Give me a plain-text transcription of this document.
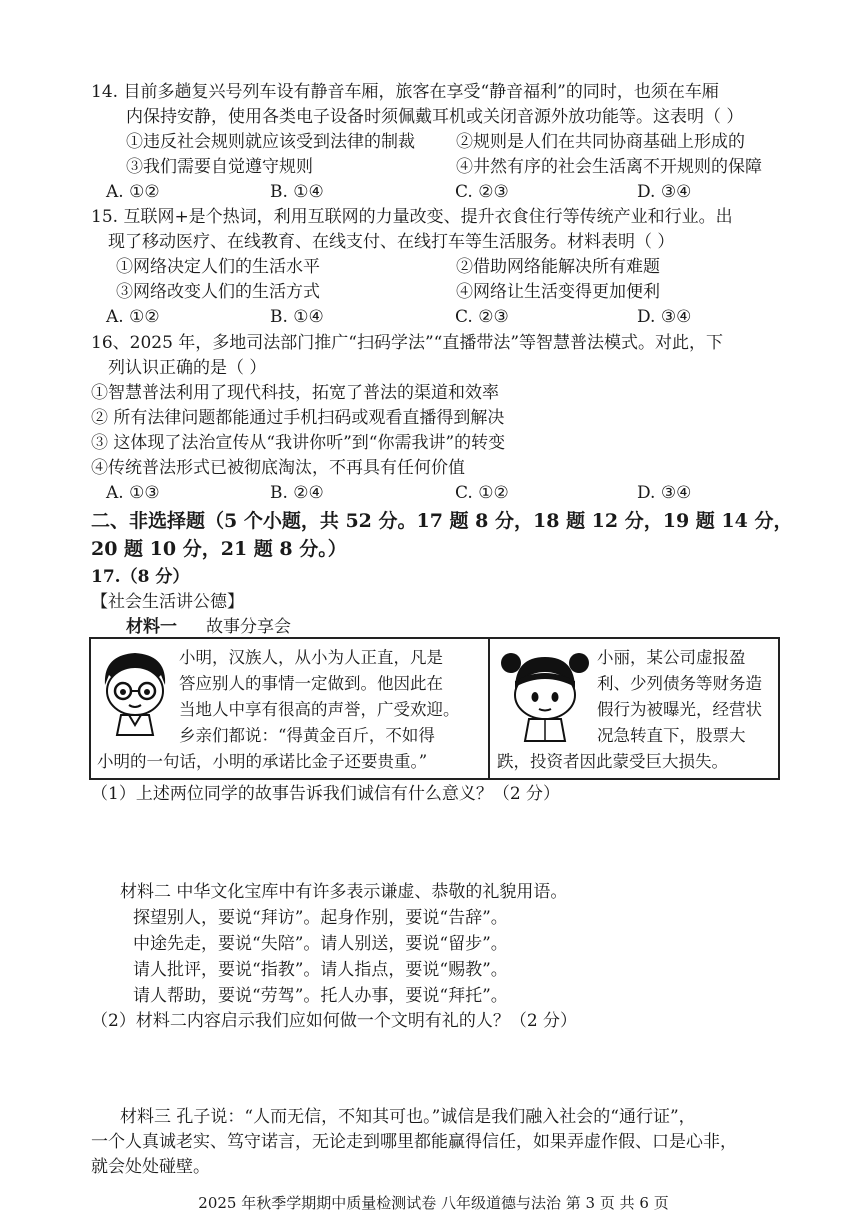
14. 目前多趟复兴号列车设有静音车厢，旅客在享受“静音福利”的同时，也须在车厢
内保持安静，使用各类电子设备时须佩戴耳机或关闭音源外放功能等。这表明（ ）
①违反社会规则就应该受到法律的制裁 ②规则是人们在共同协商基础上形成的
③我们需要自觉遵守规则	④井然有序的社会生活离不开规则的保障
A. ①②	B. ①④	C. ②③	D. ③④
15. 互联网+是个热词，利用互联网的力量改变、提升衣食住行等传统产业和行业。出
现了移动医疗、在线教育、在线支付、在线打车等生活服务。材料表明（ ）
①网络决定人们的生活水平	②借助网络能解决所有难题
③网络改变人们的生活方式	④网络让生活变得更加便利
A. ①②	B. ①④	C. ②③	D. ③④
16、2025 年，多地司法部门推广“扫码学法”“直播带法”等智慧普法模式。对此，下
列认识正确的是（ ）
①智慧普法利用了现代科技，拓宽了普法的渠道和效率
② 所有法律问题都能通过手机扫码或观看直播得到解决
③ 这体现了法治宣传从“我讲你听”到“你需我讲”的转变
④传统普法形式已被彻底淘汰，不再具有任何价值
A. ①③	B. ②④	C. ①②	D. ③④
二、非选择题（5 个小题，共 52 分。17 题 8 分，18 题 12 分，19 题 14 分，
20 题 10 分，21 题 8 分。）
17.（8 分）
【社会生活讲公德】
材料一 故事分享会
小明，汉族人，从小为人正直，凡是
答应别人的事情一定做到。他因此在
当地人中享有很高的声誉，广受欢迎。
乡亲们都说：“得黄金百斤，不如得
小明的一句话，小明的承诺比金子还要贵重。”
小丽，某公司虚报盈
利、少列债务等财务造
假行为被曝光，经营状
况急转直下，股票大
跌，投资者因此蒙受巨大损失。
（1）上述两位同学的故事告诉我们诚信有什么意义？（2 分）
材料二 中华文化宝库中有许多表示谦虚、恭敬的礼貌用语。
探望别人，要说“拜访”。起身作别，要说“告辞”。
中途先走，要说“失陪”。请人别送，要说“留步”。
请人批评，要说“指教”。请人指点，要说“赐教”。
请人帮助，要说“劳驾”。托人办事，要说“拜托”。
（2）材料二内容启示我们应如何做一个文明有礼的人？（2 分）
材料三 孔子说：“人而无信，不知其可也。”诚信是我们融入社会的“通行证”，
一个人真诚老实、笃守诺言，无论走到哪里都能赢得信任，如果弄虚作假、口是心非，
就会处处碰壁。
2025 年秋季学期期中质量检测试卷 八年级道德与法治 第 3 页 共 6 页
